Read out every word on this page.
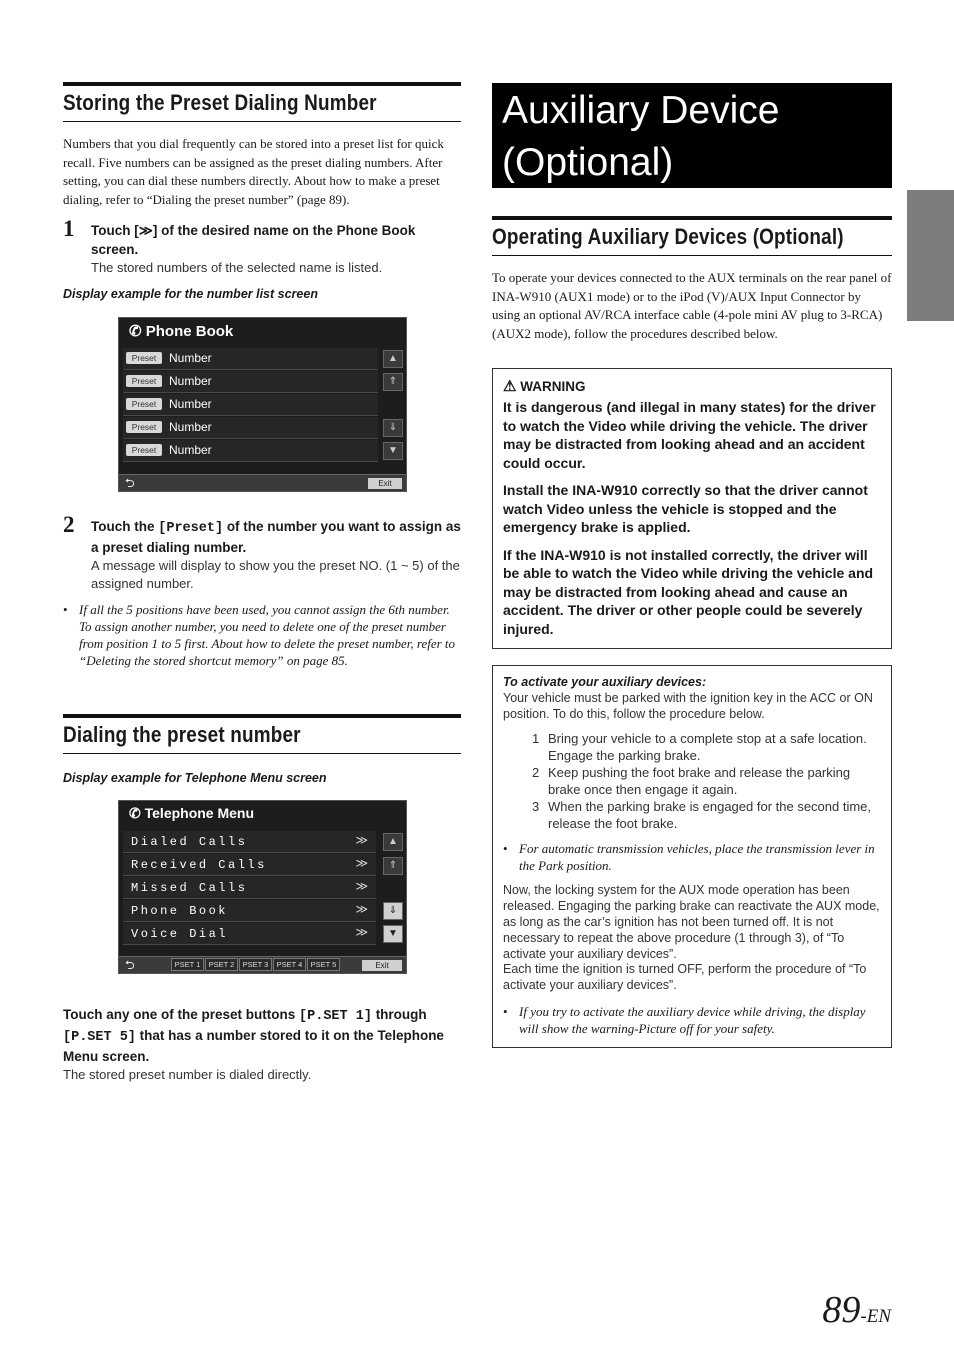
Storing the Preset Dialing Number

Numbers that you dial frequently can be stored into a preset list for quick recall. Five numbers can be assigned as the preset dialing numbers. After setting, you can dial these numbers directly. About how to make a preset dialing, refer to “Dialing the preset number” (page 89).

1 Touch [≫] of the desired name on the Phone Book screen.
The stored numbers of the selected name is listed.

Display example for the number list screen

✆ Phone Book
Preset	Number
Preset	Number
Preset	Number
Preset	Number
Preset	Number
▲
⇑
⇓
▼
⮌	Exit
2 Touch the [Preset] of the number you want to assign as a preset dialing number.
A message will display to show you the preset NO. (1 ~ 5) of the assigned number.
• If all the 5 positions have been used, you cannot assign the 6th number. To assign another number, you need to delete one of the preset number from position 1 to 5 first. About how to delete the preset number, refer to “Deleting the stored shortcut memory” on page 85.
Dialing the preset number

Display example for Telephone Menu screen

✆ Telephone Menu
Dialed Calls	≫
Received Calls	≫
Missed Calls	≫
Phone Book	≫
Voice Dial	≫
▲
⇑
⇓
▼
⮌	PSET 1	PSET 2	PSET 3	PSET 4	PSET 5	Exit
Touch any one of the preset buttons [P.SET 1] through [P.SET 5] that has a number stored to it on the Telephone Menu screen.
The stored preset number is dialed directly.
Auxiliary Device
(Optional)
Operating Auxiliary Devices (Optional)

To operate your devices connected to the AUX terminals on the rear panel of INA-W910 (AUX1 mode) or to the iPod (V)/AUX Input Connector by using an optional AV/RCA interface cable (4-pole mini AV plug to 3-RCA) (AUX2 mode), follow the procedures described below.

⚠ WARNING

It is dangerous (and illegal in many states) for the driver to watch the Video while driving the vehicle. The driver may be distracted from looking ahead and an accident could occur.

Install the INA-W910 correctly so that the driver cannot watch Video unless the vehicle is stopped and the emergency brake is applied.

If the INA-W910 is not installed correctly, the driver will be able to watch the Video while driving the vehicle and may be distracted from looking ahead and cause an accident. The driver or other people could be severely injured.

To activate your auxiliary devices:
Your vehicle must be parked with the ignition key in the ACC or ON position. To do this, follow the procedure below.
1 Bring your vehicle to a complete stop at a safe location. Engage the parking brake.
2 Keep pushing the foot brake and release the parking brake once then engage it again.
3 When the parking brake is engaged for the second time, release the foot brake.
• For automatic transmission vehicles, place the transmission lever in the Park position.
Now, the locking system for the AUX mode operation has been released. Engaging the parking brake can reactivate the AUX mode, as long as the car’s ignition has not been turned off. It is not necessary to repeat the above procedure (1 through 3), of “To activate your auxiliary devices”.
Each time the ignition is turned OFF, perform the procedure of “To activate your auxiliary devices”.
• If you try to activate the auxiliary device while driving, the display will show the warning-Picture off for your safety.
89-EN
